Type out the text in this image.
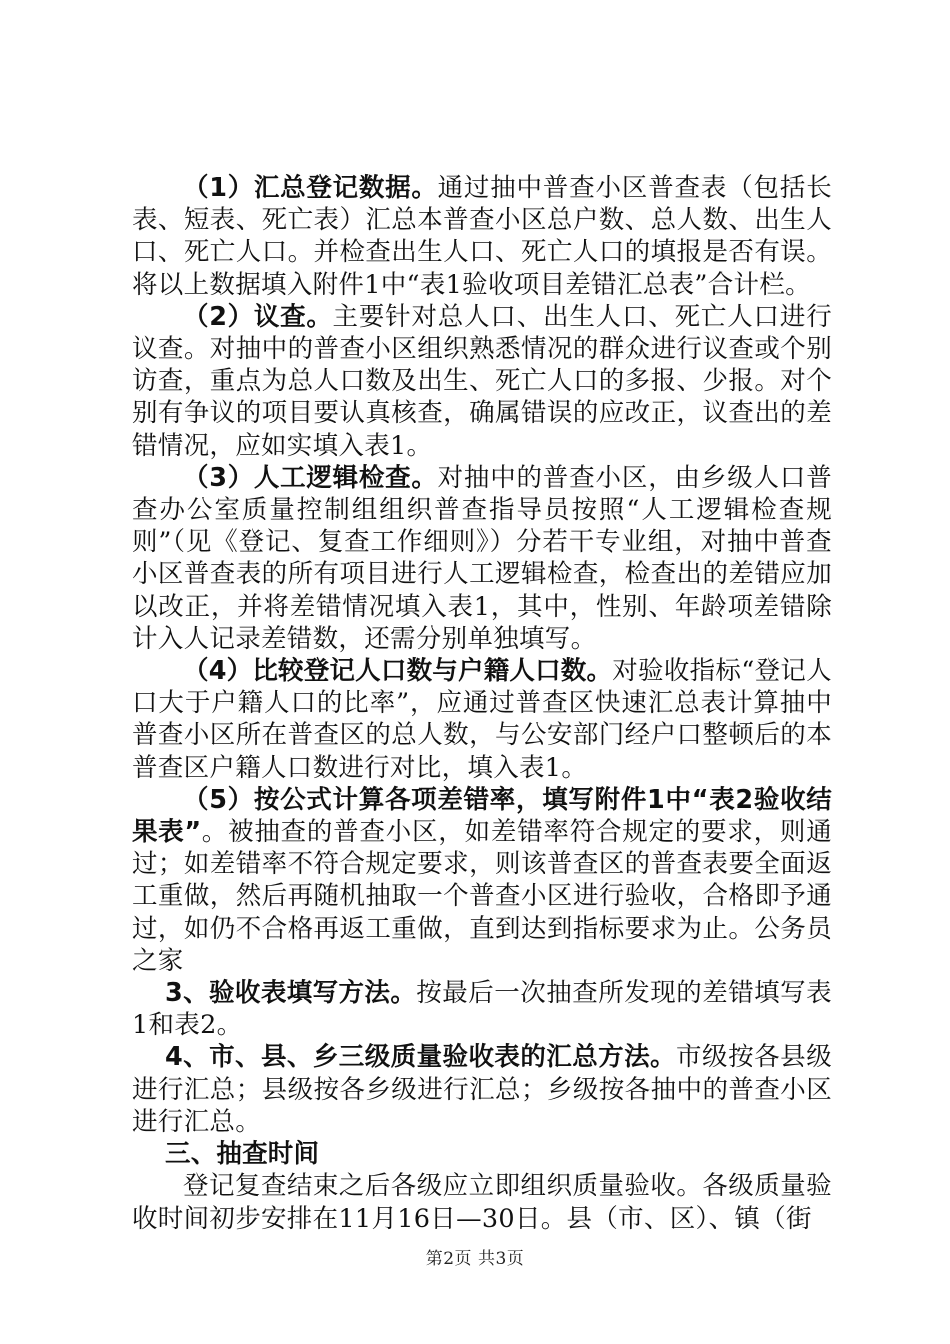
（1）汇总登记数据。通过抽中普查小区普查表（包括长表、短表、死亡表）汇总本普查小区总户数、总人数、出生人口、死亡人口。并检查出生人口、死亡人口的填报是否有误。将以上数据填入附件1中“表1验收项目差错汇总表”合计栏。

（2）议查。主要针对总人口、出生人口、死亡人口进行议查。对抽中的普查小区组织熟悉情况的群众进行议查或个别访查，重点为总人口数及出生、死亡人口的多报、少报。对个别有争议的项目要认真核查，确属错误的应改正，议查出的差错情况，应如实填入表1。

（3）人工逻辑检查。对抽中的普查小区，由乡级人口普查办公室质量控制组组织普查指导员按照“人工逻辑检查规则”（见《登记、复查工作细则》）分若干专业组，对抽中普查小区普查表的所有项目进行人工逻辑检查，检查出的差错应加以改正，并将差错情况填入表1，其中，性别、年龄项差错除计入人记录差错数，还需分别单独填写。

（4）比较登记人口数与户籍人口数。对验收指标“登记人口大于户籍人口的比率”，应通过普查区快速汇总表计算抽中普查小区所在普查区的总人数，与公安部门经户口整顿后的本普查区户籍人口数进行对比，填入表1。

（5）按公式计算各项差错率，填写附件1中“表2验收结果表”。被抽查的普查小区，如差错率符合规定的要求，则通过；如差错率不符合规定要求，则该普查区的普查表要全面返工重做，然后再随机抽取一个普查小区进行验收，合格即予通过，如仍不合格再返工重做，直到达到指标要求为止。公务员之家

3、验收表填写方法。按最后一次抽查所发现的差错填写表1和表2。

4、市、县、乡三级质量验收表的汇总方法。市级按各县级进行汇总；县级按各乡级进行汇总；乡级按各抽中的普查小区进行汇总。

三、抽查时间

登记复查结束之后各级应立即组织质量验收。各级质量验收时间初步安排在11月16日—30日。县（市、区）、镇（街

第2页 共3页
